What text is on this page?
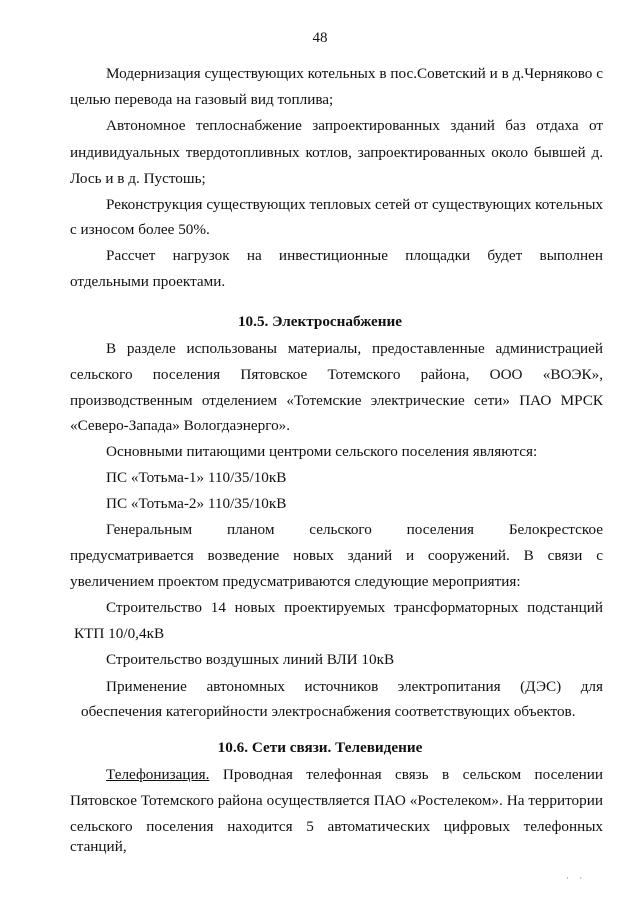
48
Модернизация существующих котельных в пос.Советский и в д.Черняково с
целью перевода на газовый вид топлива;
Автономное теплоснабжение запроектированных зданий баз отдаха от
индивидуальных твердотопливных котлов, запроектированных около бывшей д.
Лось и в д. Пустошь;
Реконструкция существующих тепловых сетей от существующих котельных
с износом более 50%.
Рассчет нагрузок на инвестиционные площадки будет выполнен
отдельными проектами.
10.5. Электроснабжение
В разделе использованы материалы, предоставленные администрацией
сельского поселения Пятовское Тотемского района, ООО «ВОЭК»,
производственным отделением «Тотемские электрические сети» ПАО МРСК
«Северо-Запада» Вологдаэнерго».
Основными питающими центроми сельского поселения являются:
ПС «Тотьма-1» 110/35/10кВ
ПС «Тотьма-2» 110/35/10кВ
Генеральным планом сельского поселения Белокрестское
предусматривается возведение новых зданий и сооружений. В связи с
увеличением проектом предусматриваются следующие мероприятия:
Строительство 14 новых проектируемых трансформаторных подстанций
КТП 10/0,4кВ
Строительство воздушных линий ВЛИ 10кВ
Применение автономных источников электропитания (ДЭС) для
обеспечения категорийности электроснабжения соответствующих объектов.
10.6. Сети связи. Телевидение
Телефонизация. Проводная телефонная связь в сельском поселении
Пятовское Тотемского района осуществляется ПАО «Ростелеком». На территории
сельского поселения находится 5 автоматических цифровых телефонных станций,
· ·
